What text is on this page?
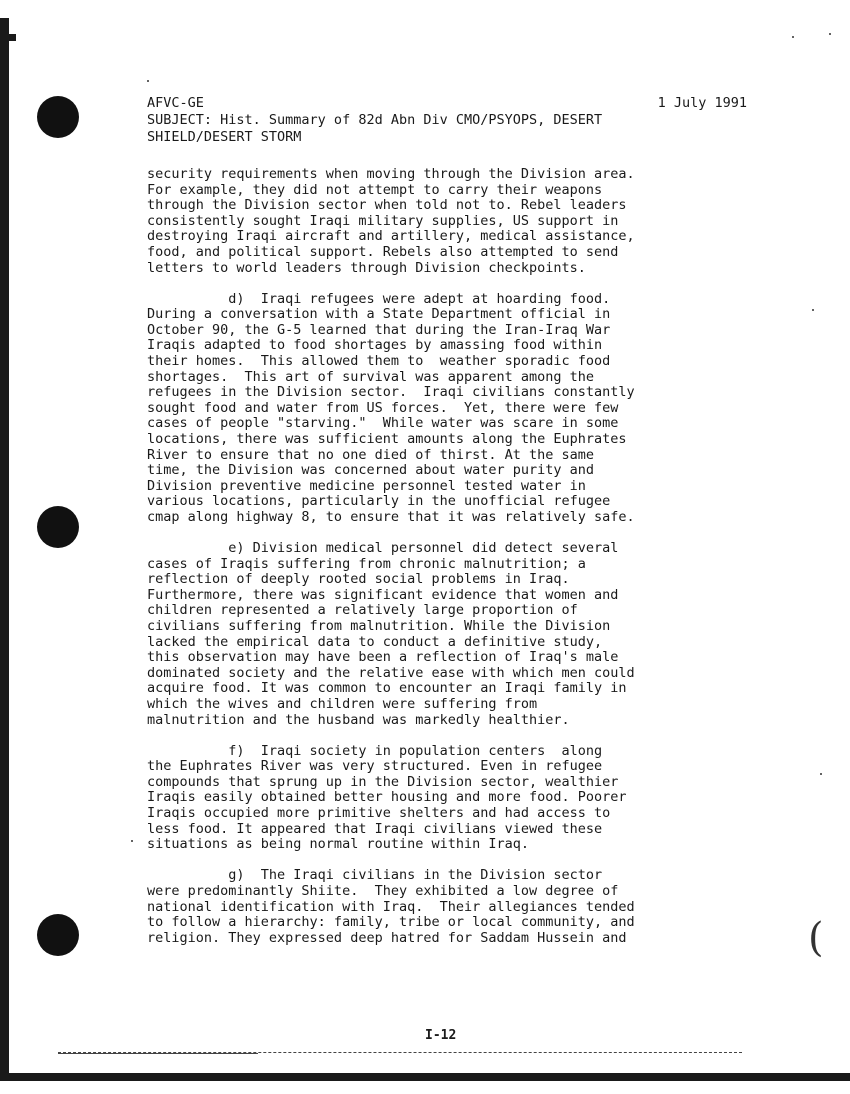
(
AFVC-GE	1 July 1991
SUBJECT: Hist. Summary of 82d Abn Div CMO/PSYOPS, DESERT
SHIELD/DESERT STORM
security requirements when moving through the Division area.
For example, they did not attempt to carry their weapons
through the Division sector when told not to. Rebel leaders
consistently sought Iraqi military supplies, US support in
destroying Iraqi aircraft and artillery, medical assistance,
food, and political support. Rebels also attempted to send
letters to world leaders through Division checkpoints.
d)  Iraqi refugees were adept at hoarding food.
During a conversation with a State Department official in
October 90, the G-5 learned that during the Iran-Iraq War
Iraqis adapted to food shortages by amassing food within
their homes.  This allowed them to  weather sporadic food
shortages.  This art of survival was apparent among the
refugees in the Division sector.  Iraqi civilians constantly
sought food and water from US forces.  Yet, there were few
cases of people "starving."  While water was scare in some
locations, there was sufficient amounts along the Euphrates
River to ensure that no one died of thirst. At the same
time, the Division was concerned about water purity and
Division preventive medicine personnel tested water in
various locations, particularly in the unofficial refugee
cmap along highway 8, to ensure that it was relatively safe.
e) Division medical personnel did detect several
cases of Iraqis suffering from chronic malnutrition; a
reflection of deeply rooted social problems in Iraq.
Furthermore, there was significant evidence that women and
children represented a relatively large proportion of
civilians suffering from malnutrition. While the Division
lacked the empirical data to conduct a definitive study,
this observation may have been a reflection of Iraq's male
dominated society and the relative ease with which men could
acquire food. It was common to encounter an Iraqi family in
which the wives and children were suffering from
malnutrition and the husband was markedly healthier.
f)  Iraqi society in population centers  along
the Euphrates River was very structured. Even in refugee
compounds that sprung up in the Division sector, wealthier
Iraqis easily obtained better housing and more food. Poorer
Iraqis occupied more primitive shelters and had access to
less food. It appeared that Iraqi civilians viewed these
situations as being normal routine within Iraq.
g)  The Iraqi civilians in the Division sector
were predominantly Shiite.  They exhibited a low degree of
national identification with Iraq.  Their allegiances tended
to follow a hierarchy: family, tribe or local community, and
religion. They expressed deep hatred for Saddam Hussein and
I-12
